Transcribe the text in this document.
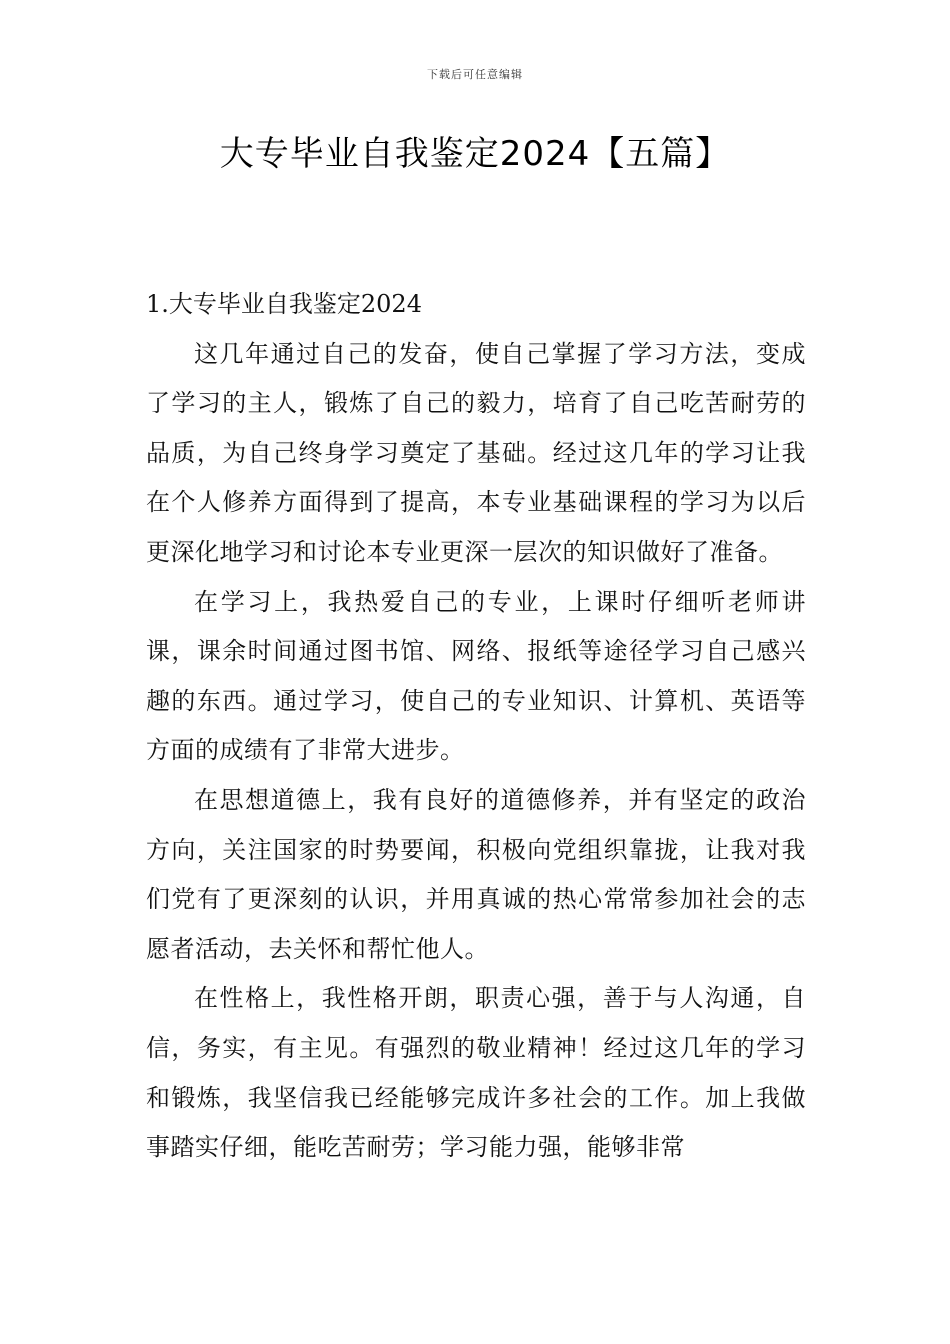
下载后可任意编辑
大专毕业自我鉴定2024【五篇】
1.大专毕业自我鉴定2024

这几年通过自己的发奋，使自己掌握了学习方法，变成了学习的主人，锻炼了自己的毅力，培育了自己吃苦耐劳的品质，为自己终身学习奠定了基础。经过这几年的学习让我在个人修养方面得到了提高，本专业基础课程的学习为以后更深化地学习和讨论本专业更深一层次的知识做好了准备。

在学习上，我热爱自己的专业，上课时仔细听老师讲课，课余时间通过图书馆、网络、报纸等途径学习自己感兴趣的东西。通过学习，使自己的专业知识、计算机、英语等方面的成绩有了非常大进步。

在思想道德上，我有良好的道德修养，并有坚定的政治方向，关注国家的时势要闻，积极向党组织靠拢，让我对我们党有了更深刻的认识，并用真诚的热心常常参加社会的志愿者活动，去关怀和帮忙他人。

在性格上，我性格开朗，职责心强，善于与人沟通，自信，务实，有主见。有强烈的敬业精神！经过这几年的学习和锻炼，我坚信我已经能够完成许多社会的工作。加上我做事踏实仔细，能吃苦耐劳；学习能力强，能够非常
